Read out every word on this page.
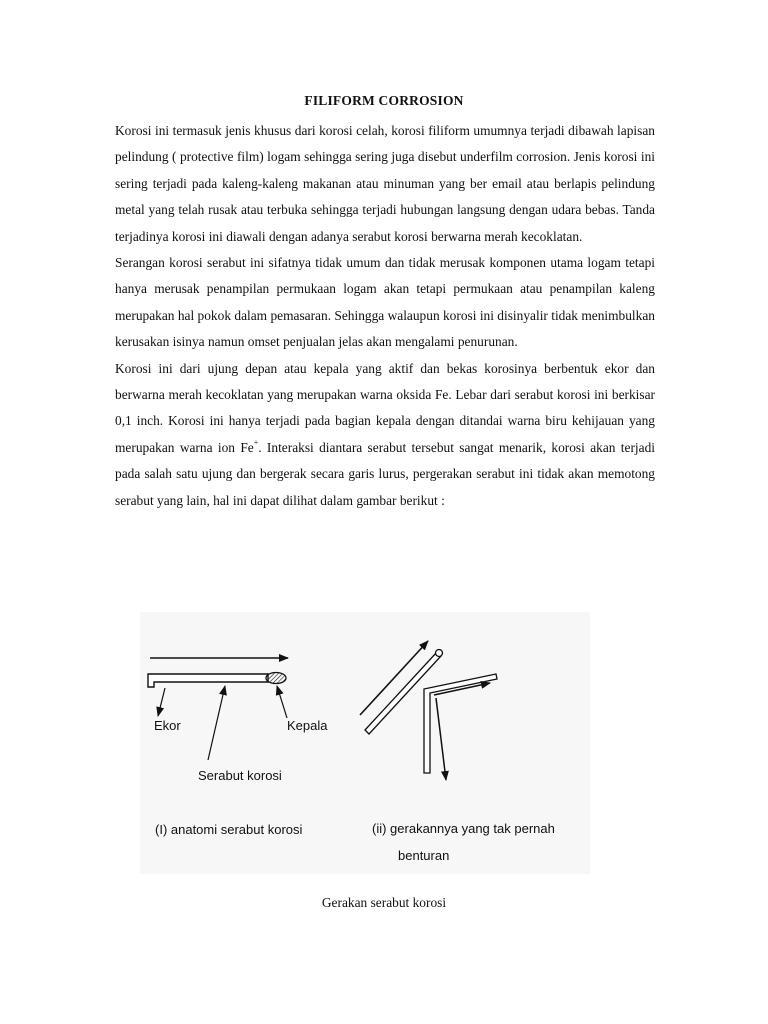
FILIFORM CORROSION

Korosi ini termasuk jenis khusus dari korosi celah, korosi filiform umumnya terjadi dibawah lapisan pelindung ( protective film) logam sehingga sering juga disebut underfilm corrosion. Jenis korosi ini sering terjadi pada kaleng-kaleng makanan atau minuman yang ber email atau berlapis pelindung metal yang telah rusak atau terbuka sehingga terjadi hubungan langsung dengan udara bebas. Tanda terjadinya korosi ini diawali dengan adanya serabut korosi berwarna merah kecoklatan.

Serangan korosi serabut ini sifatnya tidak umum dan tidak merusak komponen utama logam tetapi hanya merusak penampilan permukaan logam akan tetapi permukaan atau penampilan kaleng merupakan hal pokok dalam pemasaran. Sehingga walaupun korosi ini disinyalir tidak menimbulkan kerusakan isinya namun omset penjualan jelas akan mengalami penurunan.

Korosi ini dari ujung depan atau kepala yang aktif dan bekas korosinya berbentuk ekor dan berwarna merah kecoklatan yang merupakan warna oksida Fe. Lebar dari serabut korosi ini berkisar 0,1 inch. Korosi ini hanya terjadi pada bagian kepala dengan ditandai warna biru kehijauan yang merupakan warna ion Fe+. Interaksi diantara serabut tersebut sangat menarik, korosi akan terjadi pada salah satu ujung dan bergerak secara garis lurus, pergerakan serabut ini tidak akan memotong serabut yang lain, hal ini dapat dilihat dalam gambar berikut :

Ekor	Kepala
Serabut korosi
(I) anatomi serabut korosi	(ii) gerakannya yang tak pernah
benturan
Gerakan serabut korosi
